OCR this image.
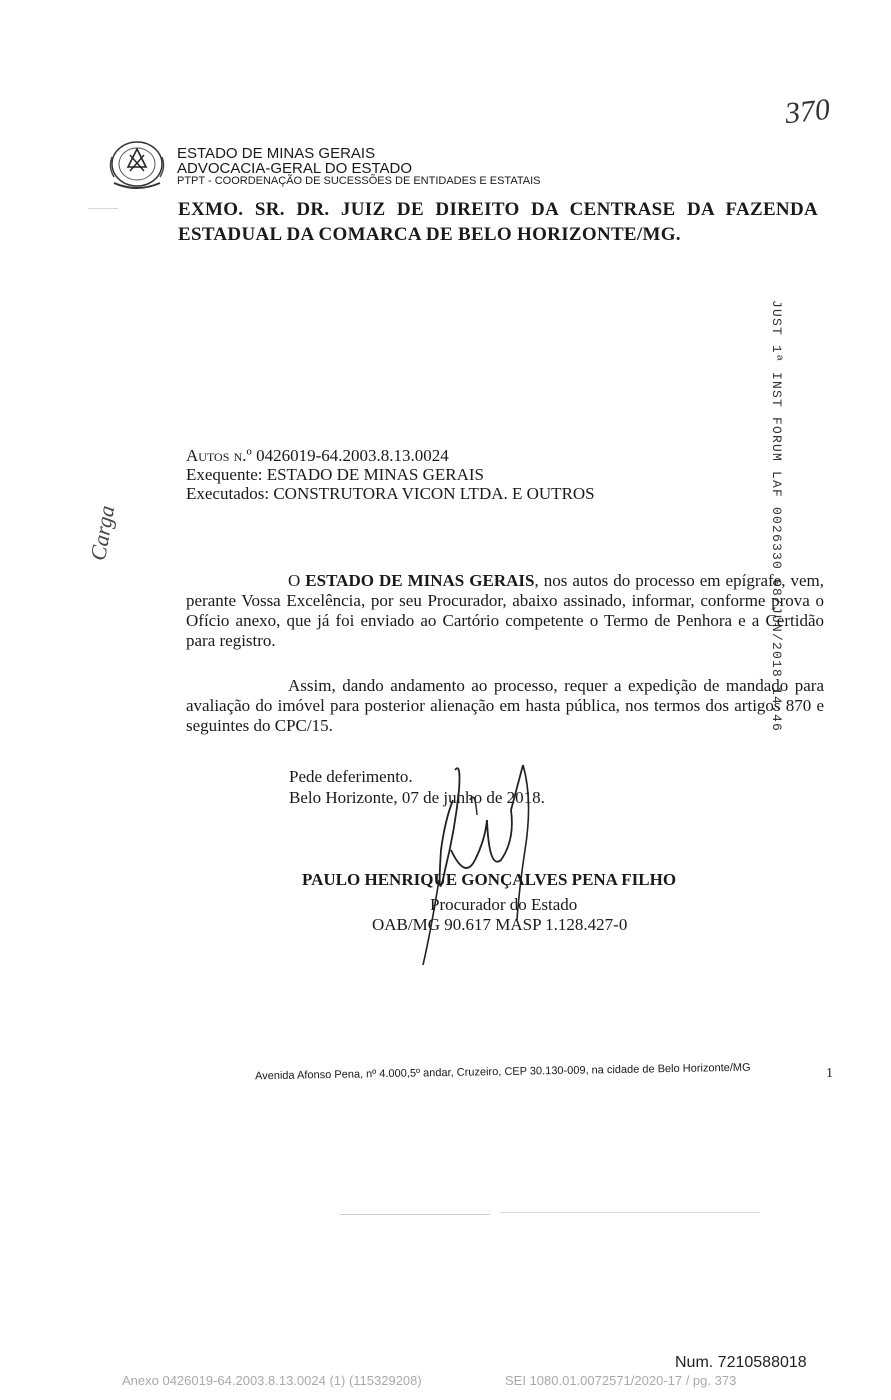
ESTADO DE MINAS GERAIS
ADVOCACIA-GERAL DO ESTADO
PTPT - COORDENAÇÃO DE SUCESSÕES DE ENTIDADES E ESTATAIS
370
EXMO. SR. DR. JUIZ DE DIREITO DA CENTRASE DA FAZENDA ESTADUAL DA COMARCA DE BELO HORIZONTE/MG.
JUST 1ª INST FORUM LAF 0026330 08/JUN/2018 14:46
Carga
Autos n.º 0426019-64.2003.8.13.0024
Exequente: ESTADO DE MINAS GERAIS
Executados: CONSTRUTORA VICON LTDA. E OUTROS
O ESTADO DE MINAS GERAIS, nos autos do processo em epígrafe, vem, perante Vossa Excelência, por seu Procurador, abaixo assinado, informar, conforme prova o Ofício anexo, que já foi enviado ao Cartório competente o Termo de Penhora e a Certidão para registro.
Assim, dando andamento ao processo, requer a expedição de mandado para avaliação do imóvel para posterior alienação em hasta pública, nos termos dos artigos 870 e seguintes do CPC/15.
Pede deferimento.
Belo Horizonte, 07 de junho de 2018.
PAULO HENRIQUE GONÇALVES PENA FILHO
Procurador do Estado
OAB/MG 90.617 MASP 1.128.427-0
Avenida Afonso Pena, nº 4.000,5º andar, Cruzeiro, CEP 30.130-009, na cidade de Belo Horizonte/MG	1
Num. 7210588018
Anexo 0426019-64.2003.8.13.0024 (1) (115329208)	SEI 1080.01.0072571/2020-17 / pg. 373
